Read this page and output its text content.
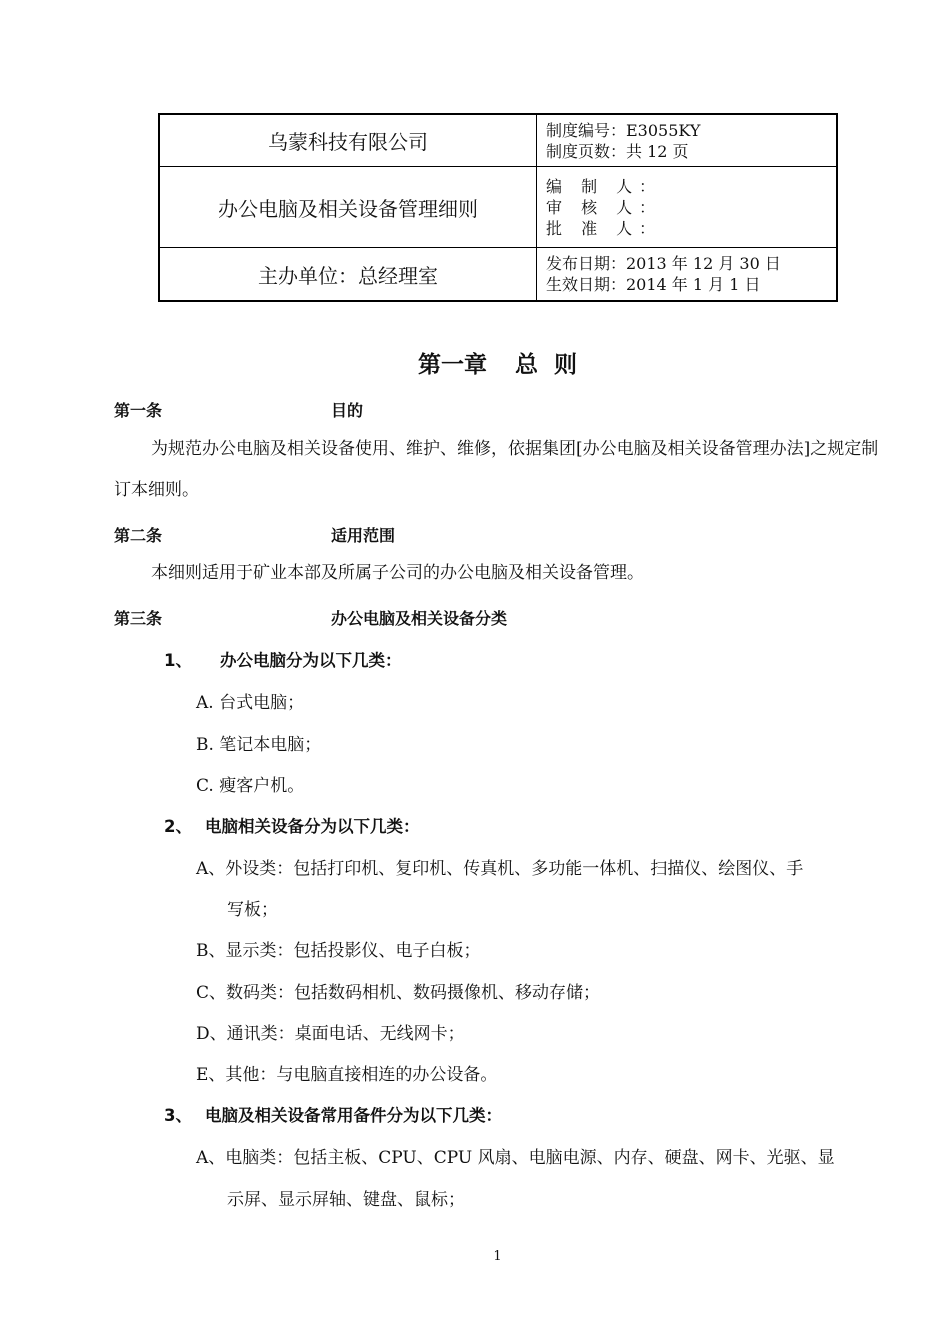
乌蒙科技有限公司	制度编号：E3055KY
制度页数：共 12 页

办公电脑及相关设备管理细则	编 制 人：
审 核 人：
批 准 人：

主办单位：总经理室	发布日期：2013 年 12 月 30 日
生效日期：2014 年 1 月 1 日
第一章 总  则
第一条	目的
为规范办公电脑及相关设备使用、维护、维修，依据集团[办公电脑及相关设备管理办法]之规定制订本细则。
第二条	适用范围
本细则适用于矿业本部及所属子公司的办公电脑及相关设备管理。
第三条	办公电脑及相关设备分类
1、 办公电脑分为以下几类：
A. 台式电脑；
B. 笔记本电脑；
C. 瘦客户机。
2、 电脑相关设备分为以下几类：
A、外设类：包括打印机、复印机、传真机、多功能一体机、扫描仪、绘图仪、手
写板；
B、显示类：包括投影仪、电子白板；
C、数码类：包括数码相机、数码摄像机、移动存储；
D、通讯类：桌面电话、无线网卡；
E、其他：与电脑直接相连的办公设备。
3、 电脑及相关设备常用备件分为以下几类：
A、电脑类：包括主板、CPU、CPU 风扇、电脑电源、内存、硬盘、网卡、光驱、显
示屏、显示屏轴、键盘、鼠标；
1
